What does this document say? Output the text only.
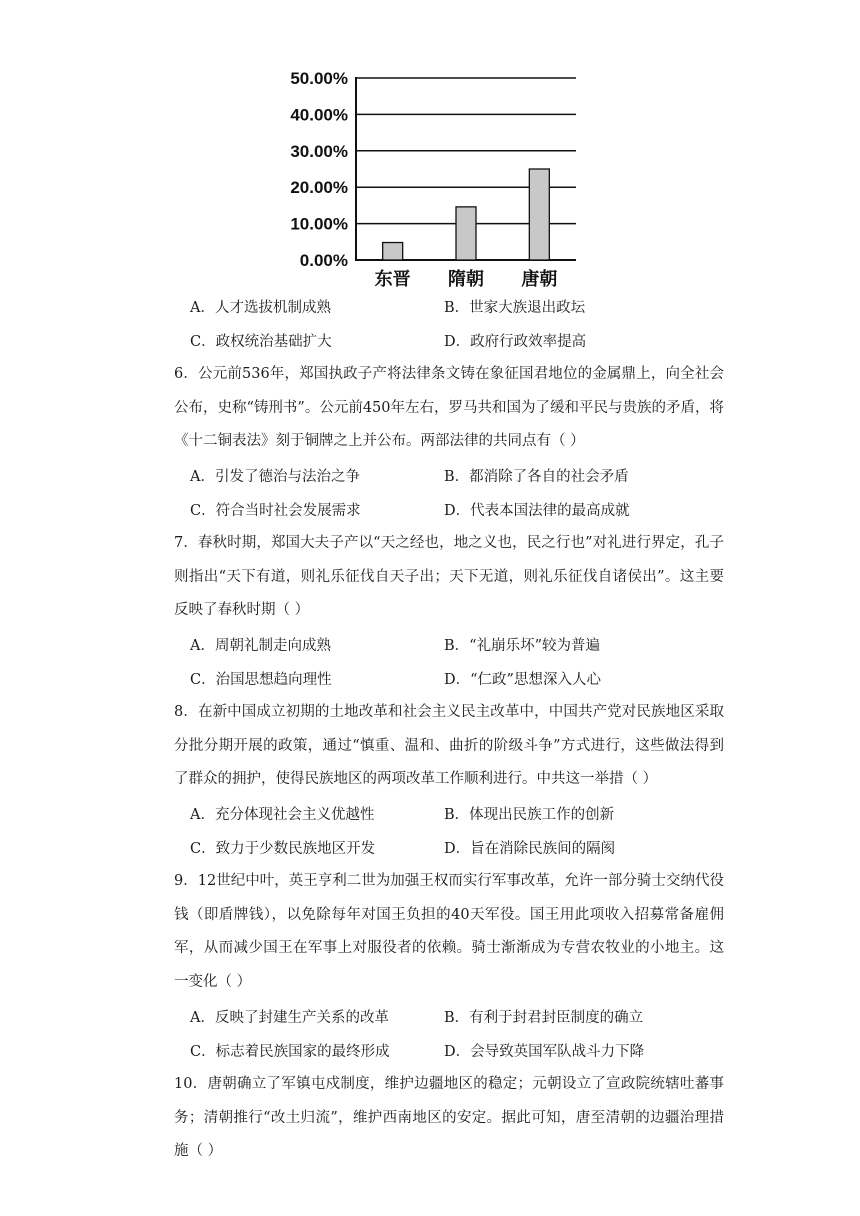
0.00%
10.00%
20.00%
30.00%
40.00%
50.00%
东晋 隋朝 唐朝
A．人才选拔机制成熟	B．世家大族退出政坛
C．政权统治基础扩大	D．政府行政效率提高

6．公元前536年，郑国执政子产将法律条文铸在象征国君地位的金属鼎上，向全社会公布，史称“铸刑书”。公元前450年左右，罗马共和国为了缓和平民与贵族的矛盾，将《十二铜表法》刻于铜牌之上并公布。两部法律的共同点有（ ）

A．引发了德治与法治之争	B．都消除了各自的社会矛盾
C．符合当时社会发展需求	D．代表本国法律的最高成就

7．春秋时期，郑国大夫子产以“天之经也，地之义也，民之行也”对礼进行界定，孔子则指出“天下有道，则礼乐征伐自天子出；天下无道，则礼乐征伐自诸侯出”。这主要反映了春秋时期（ ）

A．周朝礼制走向成熟	B．“礼崩乐坏”较为普遍
C．治国思想趋向理性	D．“仁政”思想深入人心

8．在新中国成立初期的土地改革和社会主义民主改革中，中国共产党对民族地区采取分批分期开展的政策，通过“慎重、温和、曲折的阶级斗争”方式进行，这些做法得到了群众的拥护，使得民族地区的两项改革工作顺利进行。中共这一举措（ ）

A．充分体现社会主义优越性	B．体现出民族工作的创新
C．致力于少数民族地区开发	D．旨在消除民族间的隔阂

9．12世纪中叶，英王亨利二世为加强王权而实行军事改革，允许一部分骑士交纳代役钱（即盾牌钱），以免除每年对国王负担的40天军役。国王用此项收入招募常备雇佣军，从而减少国王在军事上对服役者的依赖。骑士渐渐成为专营农牧业的小地主。这一变化（ ）

A．反映了封建生产关系的改革	B．有利于封君封臣制度的确立
C．标志着民族国家的最终形成	D．会导致英国军队战斗力下降

10．唐朝确立了军镇屯戍制度，维护边疆地区的稳定；元朝设立了宣政院统辖吐蕃事务；清朝推行“改土归流”，维护西南地区的安定。据此可知，唐至清朝的边疆治理措施（ ）
